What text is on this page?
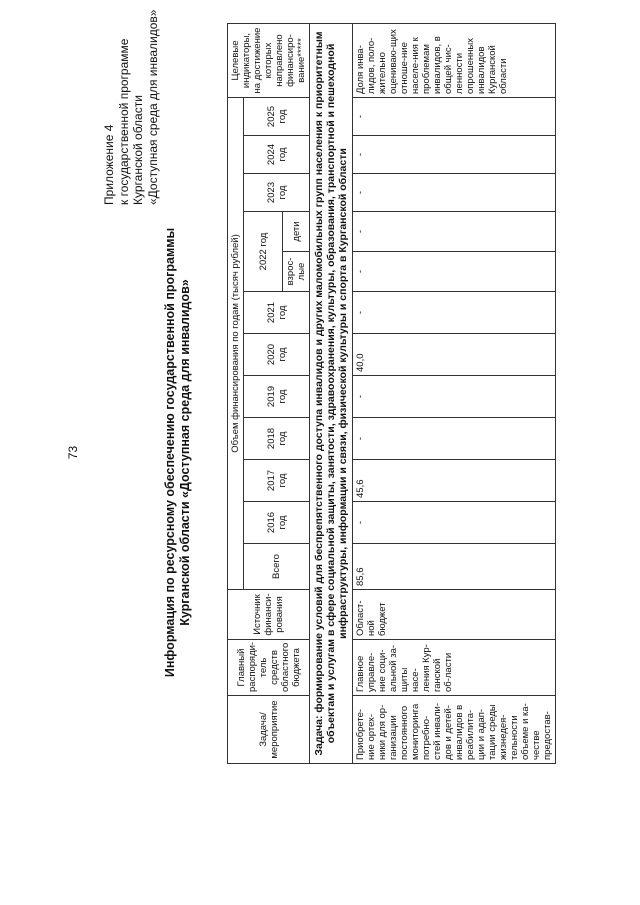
73
Приложение 4 к государственной программе Курганской области «Доступная среда для инвалидов»
Информация по ресурсному обеспечению государственной программы Курганской области «Доступная среда для инвалидов»
Задача/ мероприятие	Главный распоряди-тель средств областного бюджета	Источник финанси-рования	Объем финансирования по годам (тысяч рублей)												Целевые индикаторы, на достижение которых направлено финансиро-вание*****
			Всего	2016 год	2017 год	2018 год	2019 год	2020 год	2021 год	2022 год		2023 год	2024 год	2025 год	
										взрос-лые	дети				
Задача: формирование условий для беспрепятственного доступа инвалидов и других маломобильных групп населения к приоритетным объектам и услугам в сфере социальной защиты, занятости, здравоохранения, культуры, образования, транспортной и пешеходной инфраструктуры, информации и связи, физической культуры и спорта в Курганской области															
Приобрете-ние ортех-ники для ор-ганизации постоянного мониторинга потребно-стей инвали-дов и детей-инвалидов в реабилита-ции и адап-тации среды жизнедея-тельности объеме и ка-честве предостав-	Главное управле-ние соци-альной за-щиты насе-ления Кур-ганской об-ласти	Област-ной бюджет	85,6	-	45,6	-	-	40,0	-	-	-	-	-	-	Доля инва-лидов, поло-жительно оцениваю-щих отноше-ние населе-ния к проблемам инвалидов, в общей чис-ленности опрошенных инвалидов Курганской области
